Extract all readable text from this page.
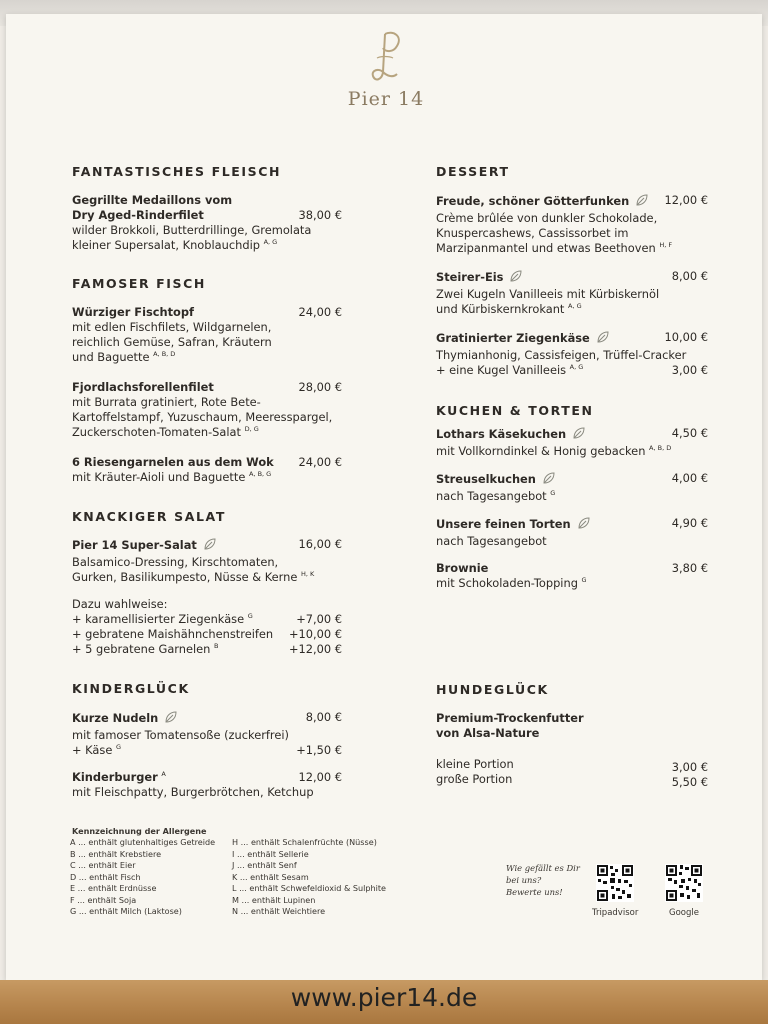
Pier 14
FANTASTISCHES FLEISCH
Gegrillte Medaillons vom
Dry Aged-Rinderfilet	38,00 €
wilder Brokkoli, Butterdrillinge, Gremolata
kleiner Supersalat, Knoblauchdip $^{A, G}$
FAMOSER FISCH
Würziger Fischtopf	24,00 €
mit edlen Fischfilets, Wildgarnelen,
reichlich Gemüse, Safran, Kräutern
und Baguette $^{A, B, D}$
Fjordlachsforellenfilet	28,00 €
mit Burrata gratiniert, Rote Bete-
Kartoffelstampf, Yuzuschaum, Meeresspargel,
Zuckerschoten-Tomaten-Salat $^{D, G}$
6 Riesengarnelen aus dem Wok 24,00 €
mit Kräuter-Aioli und Baguette $^{A, B, G}$
KNACKIGER SALAT
Pier 14 Super-Salat	16,00 €
Balsamico-Dressing, Kirschtomaten,
Gurken, Basilikumpesto, Nüsse & Kerne $^{H, K}$
Dazu wahlweise:
+ karamellisierter Ziegenkäse $^G$	+7,00 €
+ gebratene Maishähnchenstreifen +10,00 €
+ 5 gebratene Garnelen $^B$	+12,00 €
KINDERGLÜCK
Kurze Nudeln	8,00 €
mit famoser Tomatensoße (zuckerfrei)
+ Käse $^G$	+1,50 €
Kinderburger $^A$	12,00 €
mit Fleischpatty, Burgerbrötchen, Ketchup
DESSERT
Freude, schöner Götterfunken	12,00 €
Crème brûlée von dunkler Schokolade,
Knuspercashews, Cassissorbet im
Marzipanmantel und etwas Beethoven $^{H, F}$
Steirer-Eis	8,00 €
Zwei Kugeln Vanilleeis mit Kürbiskernöl
und Kürbiskernkrokant $^{A, G}$
Gratinierter Ziegenkäse	10,00 €
Thymianhonig, Cassisfeigen, Trüffel-Cracker
+ eine Kugel Vanilleeis $^{A, G}$	3,00 €
KUCHEN & TORTEN
Lothars Käsekuchen	4,50 €
mit Vollkorndinkel & Honig gebacken $^{A, B, D}$
Streuselkuchen	4,00 €
nach Tagesangebot $^G$
Unsere feinen Torten	4,90 €
nach Tagesangebot
Brownie	3,80 €
mit Schokoladen-Topping $^G$
HUNDEGLÜCK
Premium-Trockenfutter
von Alsa-Nature
kleine Portion	3,00 €
große Portion	5,50 €
Kennzeichnung der Allergene
A ... enthält glutenhaltiges Getreide
B ... enthält Krebstiere
C ... enthält Eier
D ... enthält Fisch
E ... enthält Erdnüsse
F ... enthält Soja
G ... enthält Milch (Laktose)
H ... enthält Schalenfrüchte (Nüsse)
I ... enthält Sellerie
J ... enthält Senf
K ... enthält Sesam
L ... enthält Schwefeldioxid & Sulphite
M ... enthält Lupinen
N ... enthält Weichtiere
Wie gefällt es Dir
bei uns?
Bewerte uns!
Tripadvisor	Google
www.pier14.de
